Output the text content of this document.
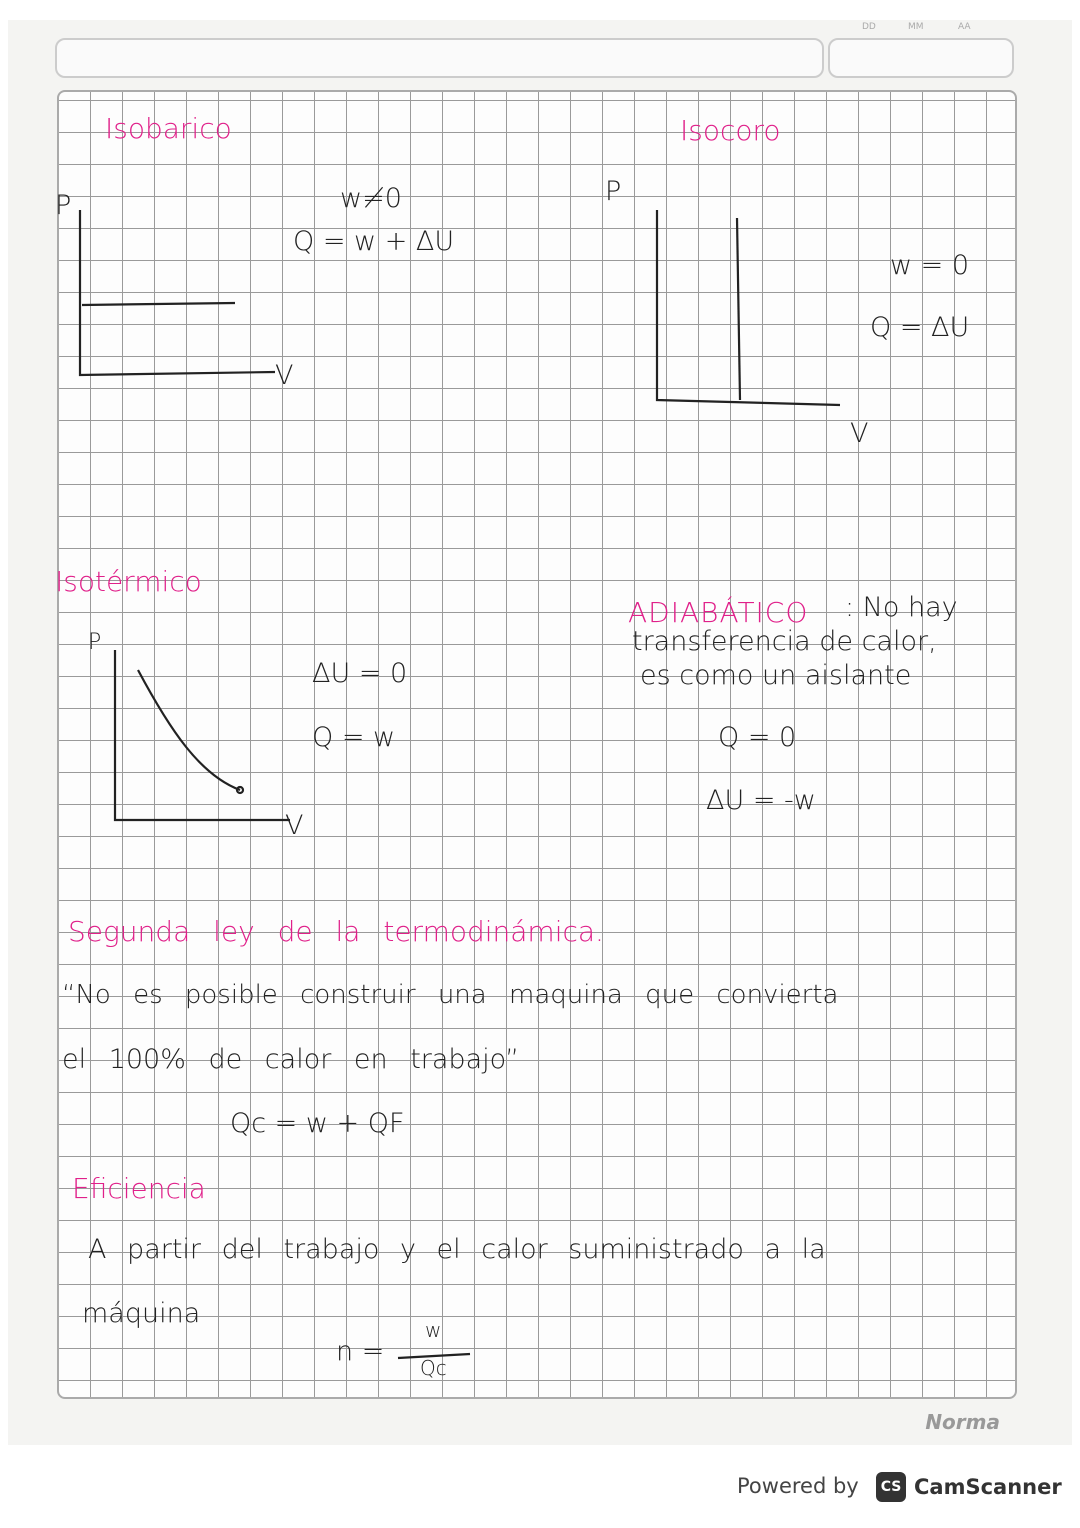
DD	MM	AA
Isobarico
P
V
w≠0
Q = w + ΔU
Isocoro
P
V
w = 0
Q = ΔU
Isotérmico
P
V
ΔU = 0
Q = w
ADIABÁTICO : No hay
transferencia de calor,
es como un aislante
Q = 0
ΔU = -w
Segunda ley de la termodinámica.
“No es posible construir una maquina que convierta
el 100% de calor en trabajo”
Qc = w + QF
Eficiencia
A partir del trabajo y el calor suministrado a la
máquina
n =
w
Qc
Norma
Powered by	CS CamScanner
